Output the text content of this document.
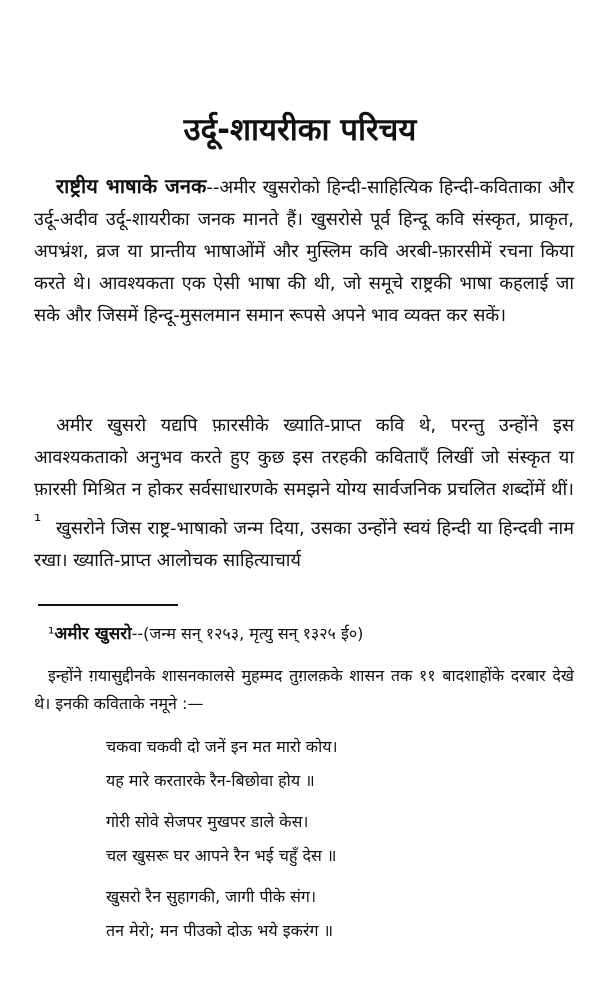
उर्दू-शायरीका परिचय
राष्ट्रीय भाषाके जनक--अमीर खुसरोको हिन्दी-साहित्यिक हिन्दी-कविताका और उर्दू-अदीव उर्दू-शायरीका जनक मानते हैं। खुसरोसे पूर्व हिन्दू कवि संस्कृत, प्राकृत, अपभ्रंश, व्रज या प्रान्तीय भाषाओंमें और मुस्लिम कवि अरबी-फ़ारसीमें रचना किया करते थे। आवश्यकता एक ऐसी भाषा की थी, जो समूचे राष्ट्रकी भाषा कहलाई जा सके और जिसमें हिन्दू-मुसलमान समान रूपसे अपने भाव व्यक्त कर सकें।
अमीर खुसरो यद्यपि फ़ारसीके ख्याति-प्राप्त कवि थे, परन्तु उन्होंने इस आवश्यकताको अनुभव करते हुए कुछ इस तरहकी कविताएँ लिखीं जो संस्कृत या फ़ारसी मिश्रित न होकर सर्वसाधारणके समझने योग्य सार्वजनिक प्रचलित शब्दोंमें थीं।¹ खुसरोने जिस राष्ट्र-भाषाको जन्म दिया, उसका उन्होंने स्वयं हिन्दी या हिन्दवी नाम रखा। ख्याति-प्राप्त आलोचक साहित्याचार्य
¹अमीर खुसरो--(जन्म सन् १२५३, मृत्यु सन् १३२५ ई०)
इन्होंने ग़यासुद्दीनके शासनकालसे मुहम्मद तुग़लक़के शासन तक ११ बादशाहोंके दरबार देखे थे। इनकी कविताके नमूने :—
चकवा चकवी दो जनें इन मत मारो कोय।
यह मारे करतारके रैन-बिछोवा होय ॥
गोरी सोवे सेजपर मुखपर डाले केस।
चल खुसरू घर आपने रैन भई चहुँ देस ॥
खुसरो रैन सुहागकी, जागी पीके संग।
तन मेरो; मन पीउको दोऊ भये इकरंग ॥
